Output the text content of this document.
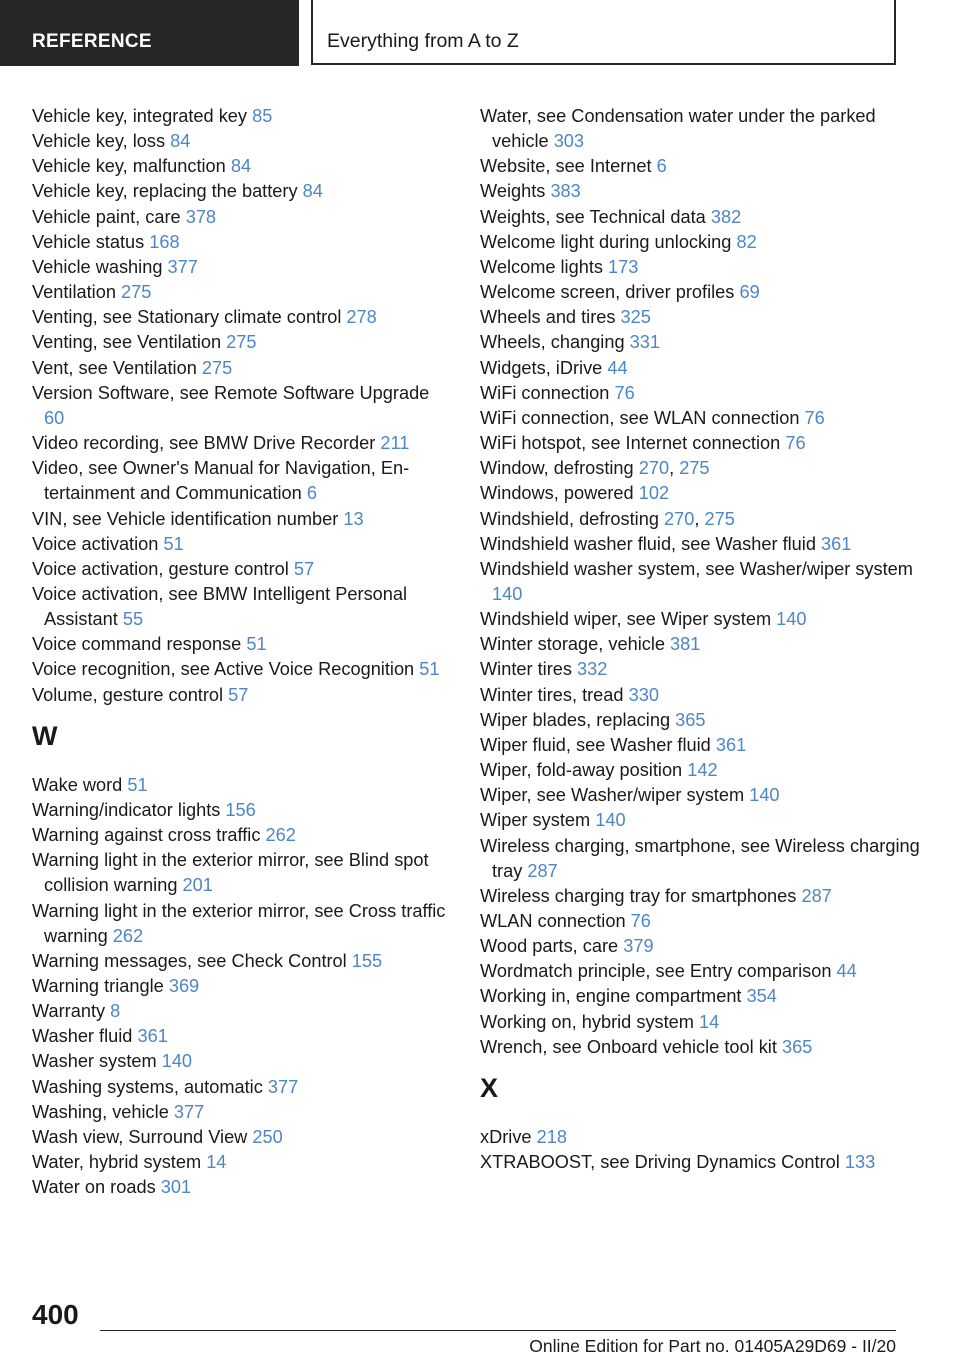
REFERENCE	Everything from A to Z
Vehicle key, integrated key 85
Vehicle key, loss 84
Vehicle key, malfunction 84
Vehicle key, replacing the battery 84
Vehicle paint, care 378
Vehicle status 168
Vehicle washing 377
Ventilation 275
Venting, see Stationary climate control 278
Venting, see Ventilation 275
Vent, see Ventilation 275
Version Software, see Remote Software Upgrade 60
Video recording, see BMW Drive Recorder 211
Video, see Owner's Manual for Navigation, Entertainment and Communication 6
VIN, see Vehicle identification number 13
Voice activation 51
Voice activation, gesture control 57
Voice activation, see BMW Intelligent Personal Assistant 55
Voice command response 51
Voice recognition, see Active Voice Recognition 51
Volume, gesture control 57
W
Wake word 51
Warning/indicator lights 156
Warning against cross traffic 262
Warning light in the exterior mirror, see Blind spot collision warning 201
Warning light in the exterior mirror, see Cross traffic warning 262
Warning messages, see Check Control 155
Warning triangle 369
Warranty 8
Washer fluid 361
Washer system 140
Washing systems, automatic 377
Washing, vehicle 377
Wash view, Surround View 250
Water, hybrid system 14
Water on roads 301
Water, see Condensation water under the parked vehicle 303
Website, see Internet 6
Weights 383
Weights, see Technical data 382
Welcome light during unlocking 82
Welcome lights 173
Welcome screen, driver profiles 69
Wheels and tires 325
Wheels, changing 331
Widgets, iDrive 44
WiFi connection 76
WiFi connection, see WLAN connection 76
WiFi hotspot, see Internet connection 76
Window, defrosting 270, 275
Windows, powered 102
Windshield, defrosting 270, 275
Windshield washer fluid, see Washer fluid 361
Windshield washer system, see Washer/wiper system 140
Windshield wiper, see Wiper system 140
Winter storage, vehicle 381
Winter tires 332
Winter tires, tread 330
Wiper blades, replacing 365
Wiper fluid, see Washer fluid 361
Wiper, fold-away position 142
Wiper, see Washer/wiper system 140
Wiper system 140
Wireless charging, smartphone, see Wireless charging tray 287
Wireless charging tray for smartphones 287
WLAN connection 76
Wood parts, care 379
Wordmatch principle, see Entry comparison 44
Working in, engine compartment 354
Working on, hybrid system 14
Wrench, see Onboard vehicle tool kit 365
X
xDrive 218
XTRABOOST, see Driving Dynamics Control 133
400
Online Edition for Part no. 01405A29D69 - II/20
